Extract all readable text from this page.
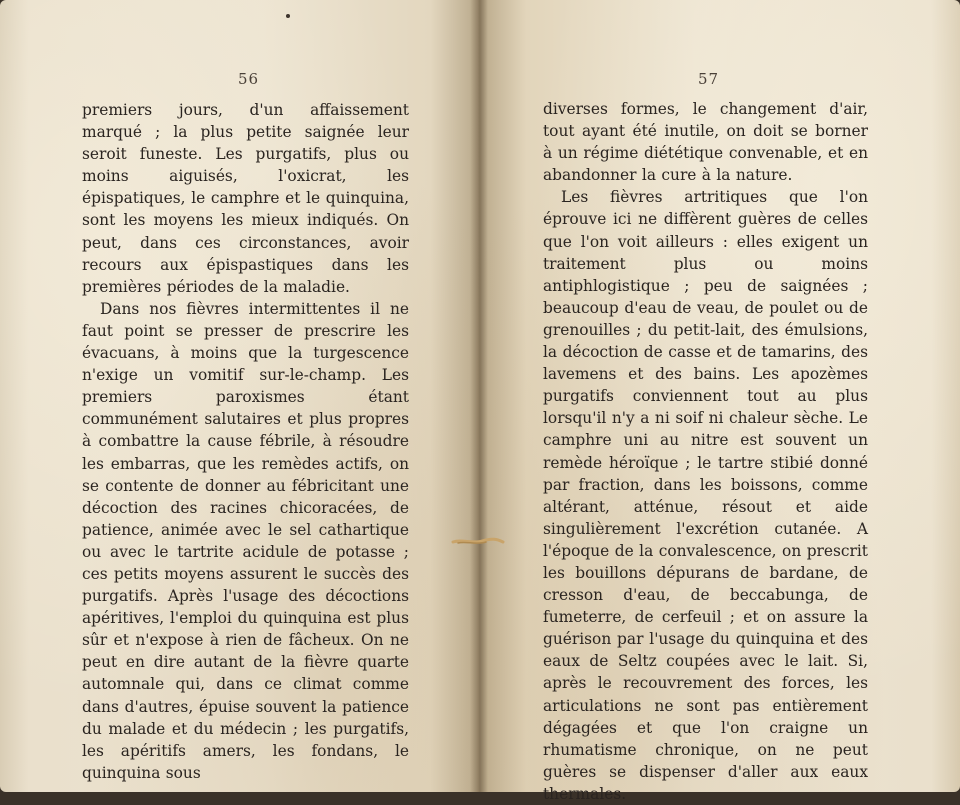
56

premiers jours, d'un affaissement marqué ; la plus petite saignée leur seroit funeste. Les purgatifs, plus ou moins aiguisés, l'oxicrat, les épispatiques, le camphre et le quinquina, sont les moyens les mieux indiqués. On peut, dans ces circonstances, avoir recours aux épispastiques dans les premières périodes de la maladie.

Dans nos fièvres intermittentes il ne faut point se presser de prescrire les évacuans, à moins que la turgescence n'exige un vomitif sur-le-champ. Les premiers paroxismes étant communément salutaires et plus propres à combattre la cause fébrile, à résoudre les embarras, que les remèdes actifs, on se contente de donner au fébricitant une décoction des racines chicoracées, de patience, animée avec le sel cathartique ou avec le tartrite acidule de potasse ; ces petits moyens assurent le succès des purgatifs. Après l'usage des décoctions apéritives, l'emploi du quinquina est plus sûr et n'expose à rien de fâcheux. On ne peut en dire autant de la fièvre quarte automnale qui, dans ce climat comme dans d'autres, épuise souvent la patience du malade et du médecin ; les purgatifs, les apéritifs amers, les fondans, le quinquina sous

57

diverses formes, le changement d'air, tout ayant été inutile, on doit se borner à un régime diététique convenable, et en abandonner la cure à la nature.

Les fièvres artritiques que l'on éprouve ici ne diffèrent guères de celles que l'on voit ailleurs : elles exigent un traitement plus ou moins antiphlogistique ; peu de saignées ; beaucoup d'eau de veau, de poulet ou de grenouilles ; du petit-lait, des émulsions, la décoction de casse et de tamarins, des lavemens et des bains. Les apozèmes purgatifs conviennent tout au plus lorsqu'il n'y a ni soif ni chaleur sèche. Le camphre uni au nitre est souvent un remède héroïque ; le tartre stibié donné par fraction, dans les boissons, comme altérant, atténue, résout et aide singulièrement l'excrétion cutanée. A l'époque de la convalescence, on prescrit les bouillons dépurans de bardane, de cresson d'eau, de beccabunga, de fumeterre, de cerfeuil ; et on assure la guérison par l'usage du quinquina et des eaux de Seltz coupées avec le lait. Si, après le recouvrement des forces, les articulations ne sont pas entièrement dégagées et que l'on craigne un rhumatisme chronique, on ne peut guères se dispenser d'aller aux eaux thermales.
